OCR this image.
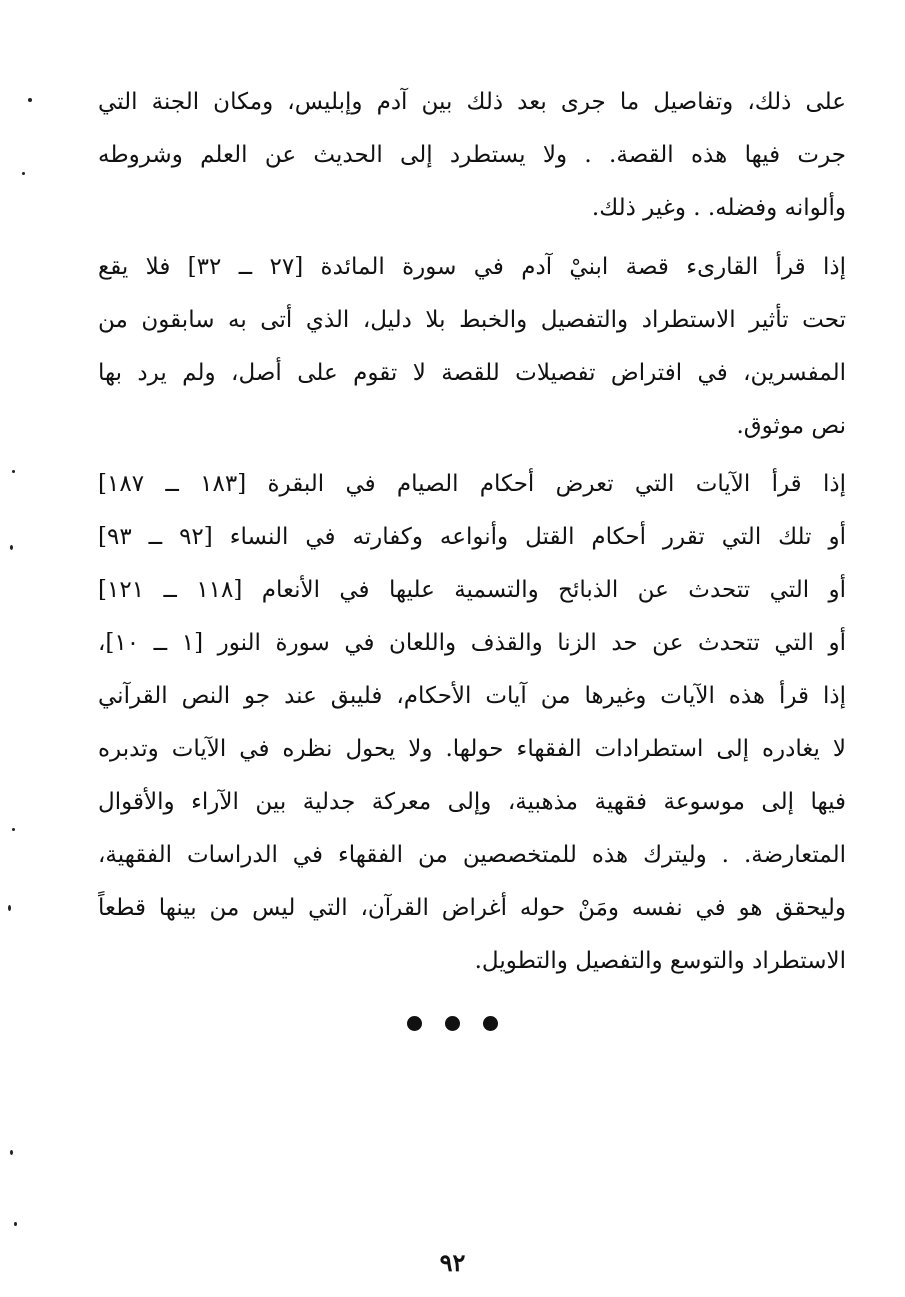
على ذلك، وتفاصيل ما جرى بعد ذلك بين آدم وإبليس، ومكان الجنة التي
جرت فيها هذه القصة. . ولا يستطرد إلى الحديث عن العلم وشروطه
وألوانه وفضله. . وغير ذلك.
إذا قرأ القارىء قصة ابنيْ آدم في سورة المائدة [٢٧ ــ ٣٢] فلا يقع
تحت تأثير الاستطراد والتفصيل والخبط بلا دليل، الذي أتى به سابقون من
المفسرين، في افتراض تفصيلات للقصة لا تقوم على أصل، ولم يرد بها
نص موثوق.
إذا قرأ الآيات التي تعرض أحكام الصيام في البقرة [١٨٣ ــ ١٨٧]
أو تلك التي تقرر أحكام القتل وأنواعه وكفارته في النساء [٩٢ ــ ٩٣]
أو التي تتحدث عن الذبائح والتسمية عليها في الأنعام [١١٨ ــ ١٢١]
أو التي تتحدث عن حد الزنا والقذف واللعان في سورة النور [١ ــ ١٠]،
إذا قرأ هذه الآيات وغيرها من آيات الأحكام، فليبق عند جو النص القرآني
لا يغادره إلى استطرادات الفقهاء حولها. ولا يحول نظره في الآيات وتدبره
فيها إلى موسوعة فقهية مذهبية، وإلى معركة جدلية بين الآراء والأقوال
المتعارضة. . وليترك هذه للمتخصصين من الفقهاء في الدراسات الفقهية،
وليحقق هو في نفسه ومَنْ حوله أغراض القرآن، التي ليس من بينها قطعاً
الاستطراد والتوسع والتفصيل والتطويل.

٩٢
